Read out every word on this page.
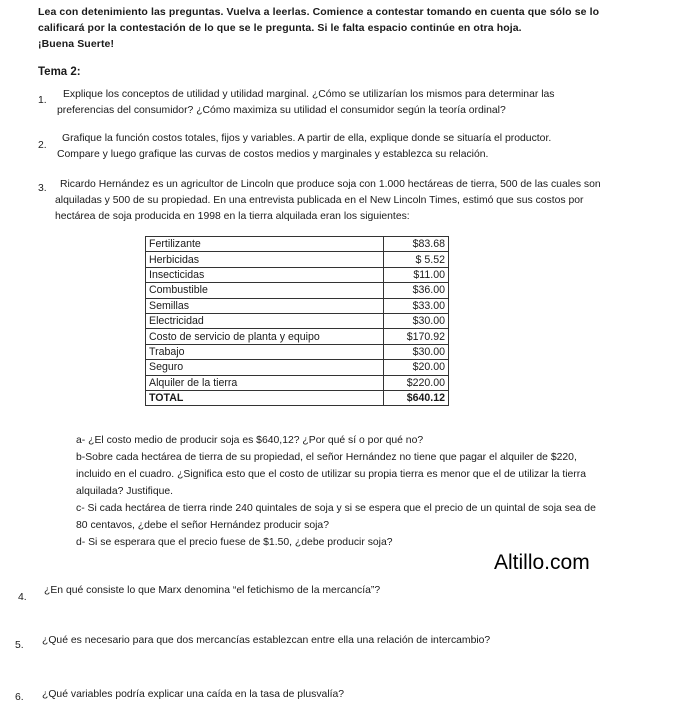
Lea con detenimiento las preguntas. Vuelva a leerlas. Comience a contestar tomando en cuenta que sólo se lo
calificará por la contestación de lo que se le pregunta. Si le falta espacio continúe en otra hoja.
¡Buena Suerte!
Tema 2:
1.
Explique los conceptos de utilidad y utilidad marginal. ¿Cómo se utilizarían los mismos para determinar las
preferencias del consumidor? ¿Cómo maximiza su utilidad el consumidor según la teoría ordinal?
2.
Grafique la función costos totales, fijos y variables. A partir de ella, explique donde se situaría el productor.
Compare y luego grafique las curvas de costos medios y marginales y establezca su relación.
3. Ricardo Hernández es un agricultor de Lincoln que produce soja con 1.000 hectáreas de tierra, 500 de las cuales son
alquiladas y 500 de su propiedad. En una entrevista publicada en el New Lincoln Times, estimó que sus costos por
hectárea de soja producida en 1998 en la tierra alquilada eran los siguientes:
Fertilizante	$83.68
Herbicidas	$ 5.52
Insecticidas	$11.00
Combustible	$36.00
Semillas	$33.00
Electricidad	$30.00
Costo de servicio de planta y equipo	$170.92
Trabajo	$30.00
Seguro	$20.00
Alquiler de la tierra	$220.00
TOTAL	$640.12
a- ¿El costo medio de producir soja es $640,12? ¿Por qué sí o por qué no?
b-Sobre cada hectárea de tierra de su propiedad, el señor Hernández no tiene que pagar el alquiler de $220,
incluido en el cuadro. ¿Significa esto que el costo de utilizar su propia tierra es menor que el de utilizar la tierra
alquilada? Justifique.
c- Si cada hectárea de tierra rinde 240 quintales de soja y si se espera que el precio de un quintal de soja sea de
80 centavos, ¿debe el señor Hernández producir soja?
d- Si se esperara que el precio fuese de $1.50, ¿debe producir soja?
Altillo.com
4.
¿En qué consiste lo que Marx denomina “el fetichismo de la mercancía”?
5. ¿Qué es necesario para que dos mercancías establezcan entre ella una relación de intercambio?
6. ¿Qué variables podría explicar una caída en la tasa de plusvalía?
